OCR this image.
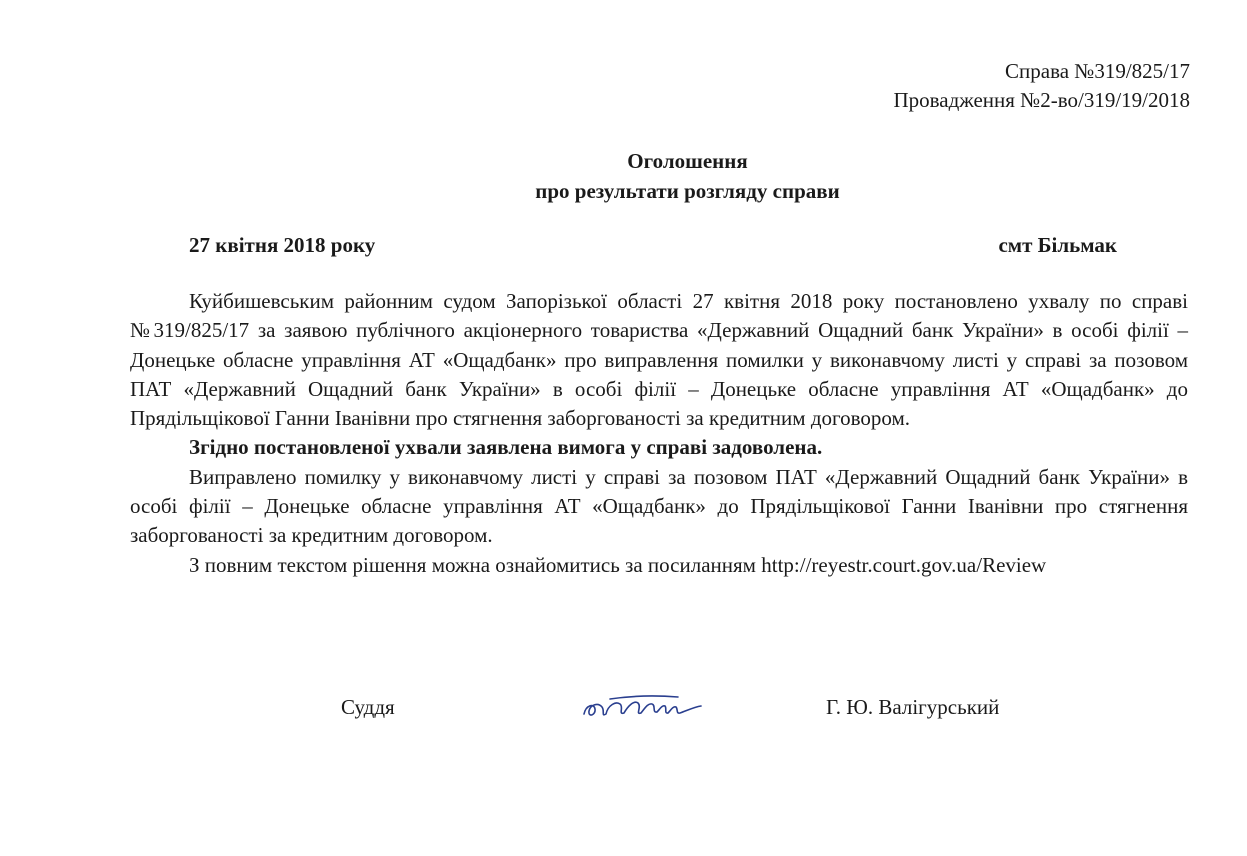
Справа №319/825/17
Провадження №2-во/319/19/2018
Оголошення
про результати розгляду справи
27 квітня 2018 року	смт Більмак

Куйбишевським районним судом Запорізької області 27 квітня 2018 року постановлено ухвалу по справі №319/825/17 за заявою публічного акціонерного товариства «Державний Ощадний банк України» в особі філії – Донецьке обласне управління АТ «Ощадбанк» про виправлення помилки у виконавчому листі у справі за позовом ПАТ «Державний Ощадний банк України» в особі філії – Донецьке обласне управління АТ «Ощадбанк» до Прядільщікової Ганни Іванівни про стягнення заборгованості за кредитним договором.

Згідно постановленої ухвали заявлена вимога у справі задоволена.

Виправлено помилку у виконавчому листі у справі за позовом ПАТ «Державний Ощадний банк України» в особі філії – Донецьке обласне управління АТ «Ощадбанк» до Прядільщікової Ганни Іванівни про стягнення заборгованості за кредитним договором.

З повним текстом рішення можна ознайомитись за посиланням http://reyestr.court.gov.ua/Review

Суддя	Г. Ю. Валігурський
